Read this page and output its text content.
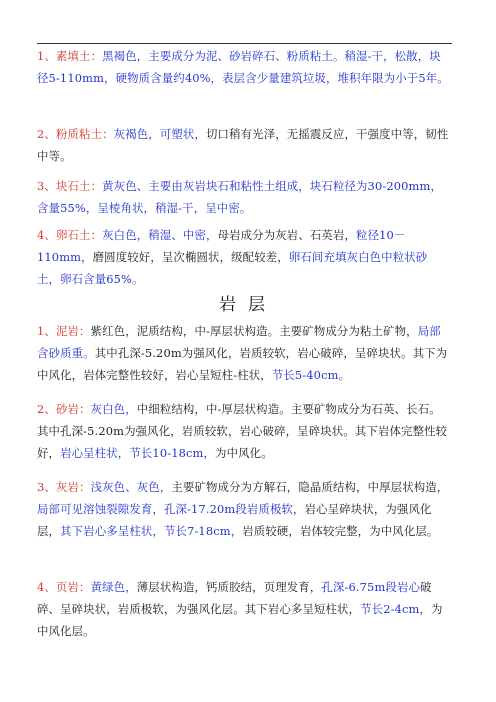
1、素填土：黑褐色，主要成分为泥、砂岩碎石、粉质粘土。稍湿-干，松散，块径5-110mm，硬物质含量约40%，表层含少量建筑垃圾，堆积年限为小于5年。
2、粉质粘土：灰褐色，可塑状，切口稍有光泽，无摇震反应，干强度中等，韧性中等。
3、块石土：黄灰色、主要由灰岩块石和粘性土组成，块石粒径为30-200mm，含量55%，呈棱角状，稍湿-干，呈中密。
4、卵石土：灰白色，稍湿、中密，母岩成分为灰岩、石英岩，粒径10－110mm，磨圆度较好，呈次椭圆状，级配较差，卵石间充填灰白色中粒状砂土，卵石含量65%。
岩层
1、泥岩：紫红色，泥质结构，中-厚层状构造。主要矿物成分为粘土矿物，局部含砂质重。其中孔深-5.20m为强风化，岩质较软，岩心破碎，呈碎块状。其下为中风化，岩体完整性较好，岩心呈短柱-柱状，节长5-40cm。
2、砂岩：灰白色，中细粒结构，中-厚层状构造。主要矿物成分为石英、长石。其中孔深-5.20m为强风化，岩质较软，岩心破碎，呈碎块状。其下岩体完整性较好，岩心呈柱状，节长10-18cm，为中风化。
3、灰岩：浅灰色、灰色，主要矿物成分为方解石，隐晶质结构，中厚层状构造，局部可见溶蚀裂隙发育，孔深-17.20m段岩质极软，岩心呈碎块状，为强风化层，其下岩心多呈柱状，节长7-18cm，岩质较硬，岩体较完整，为中风化层。
4、页岩：黄绿色，薄层状构造，钙质胶结，页理发育，孔深-6.75m段岩心破碎、呈碎块状，岩质极软，为强风化层。其下岩心多呈短柱状，节长2-4cm，为中风化层。
